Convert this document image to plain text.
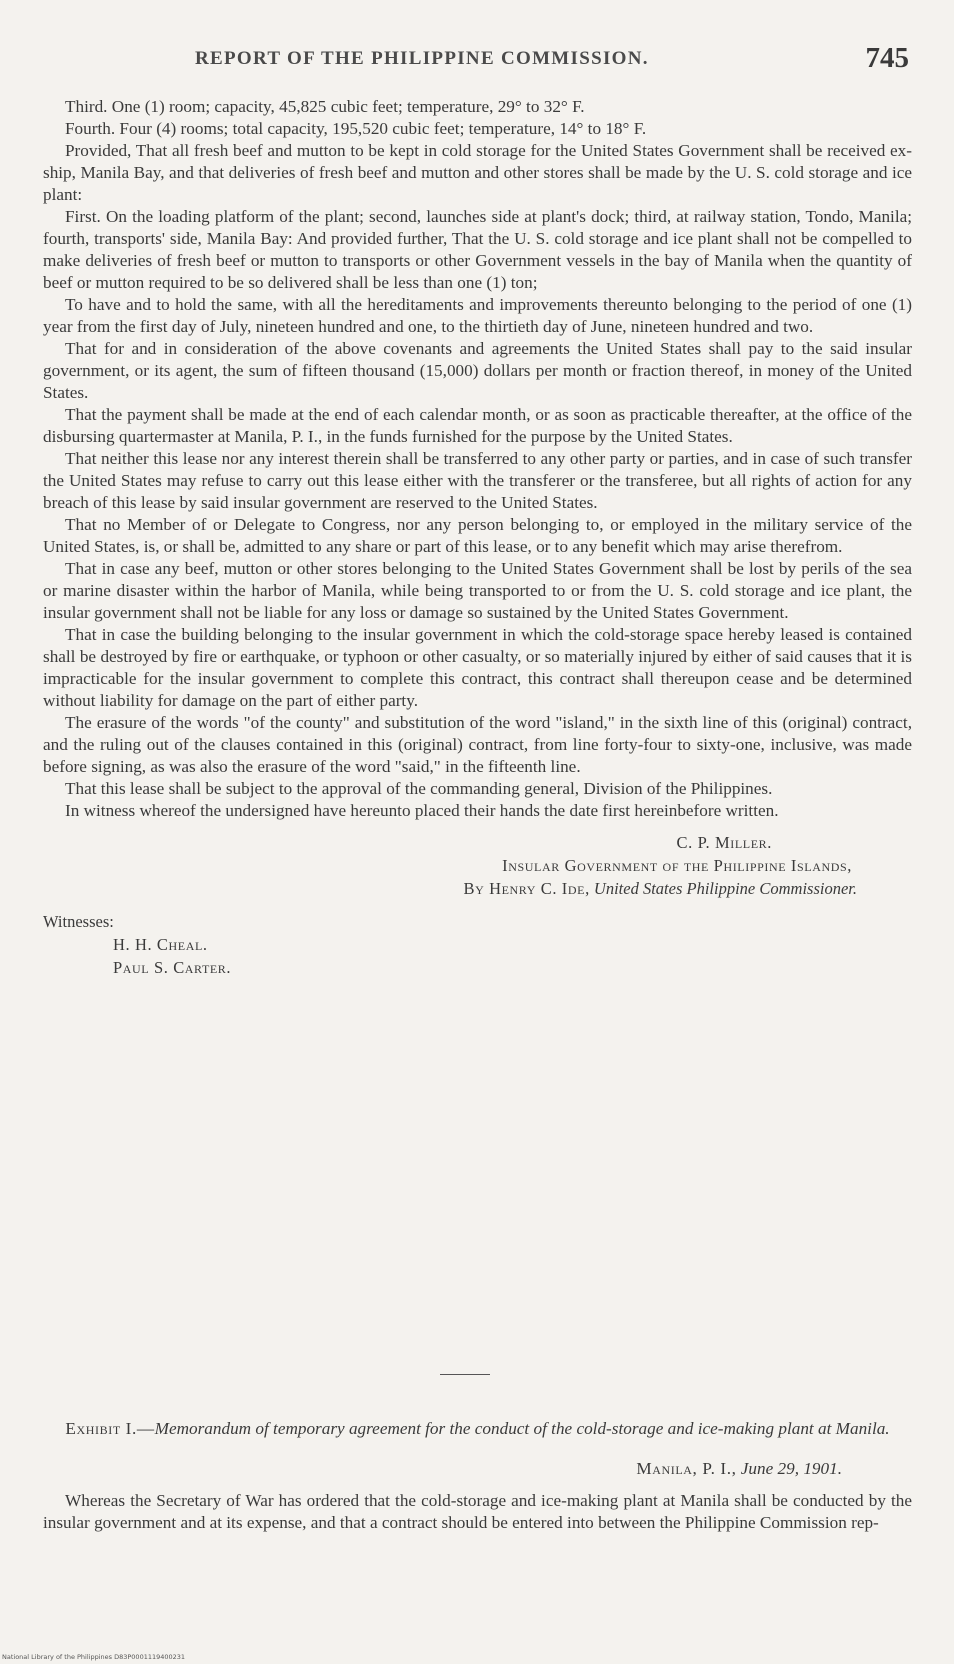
REPORT OF THE PHILIPPINE COMMISSION.	745

Third. One (1) room; capacity, 45,825 cubic feet; temperature, 29° to 32° F.

Fourth. Four (4) rooms; total capacity, 195,520 cubic feet; temperature, 14° to 18° F.

Provided, That all fresh beef and mutton to be kept in cold storage for the United States Government shall be received ex-ship, Manila Bay, and that deliveries of fresh beef and mutton and other stores shall be made by the U. S. cold storage and ice plant:

First. On the loading platform of the plant; second, launches side at plant's dock; third, at railway station, Tondo, Manila; fourth, transports' side, Manila Bay: And provided further, That the U. S. cold storage and ice plant shall not be compelled to make deliveries of fresh beef or mutton to transports or other Government vessels in the bay of Manila when the quantity of beef or mutton required to be so delivered shall be less than one (1) ton;

To have and to hold the same, with all the hereditaments and improvements thereunto belonging to the period of one (1) year from the first day of July, nineteen hundred and one, to the thirtieth day of June, nineteen hundred and two.

That for and in consideration of the above covenants and agreements the United States shall pay to the said insular government, or its agent, the sum of fifteen thousand (15,000) dollars per month or fraction thereof, in money of the United States.

That the payment shall be made at the end of each calendar month, or as soon as practicable thereafter, at the office of the disbursing quartermaster at Manila, P. I., in the funds furnished for the purpose by the United States.

That neither this lease nor any interest therein shall be transferred to any other party or parties, and in case of such transfer the United States may refuse to carry out this lease either with the transferer or the transferee, but all rights of action for any breach of this lease by said insular government are reserved to the United States.

That no Member of or Delegate to Congress, nor any person belonging to, or employed in the military service of the United States, is, or shall be, admitted to any share or part of this lease, or to any benefit which may arise therefrom.

That in case any beef, mutton or other stores belonging to the United States Government shall be lost by perils of the sea or marine disaster within the harbor of Manila, while being transported to or from the U. S. cold storage and ice plant, the insular government shall not be liable for any loss or damage so sustained by the United States Government.

That in case the building belonging to the insular government in which the cold-storage space hereby leased is contained shall be destroyed by fire or earthquake, or typhoon or other casualty, or so materially injured by either of said causes that it is impracticable for the insular government to complete this contract, this contract shall thereupon cease and be determined without liability for damage on the part of either party.

The erasure of the words "of the county" and substitution of the word "island," in the sixth line of this (original) contract, and the ruling out of the clauses contained in this (original) contract, from line forty-four to sixty-one, inclusive, was made before signing, as was also the erasure of the word "said," in the fifteenth line.

That this lease shall be subject to the approval of the commanding general, Division of the Philippines.

In witness whereof the undersigned have hereunto placed their hands the date first hereinbefore written.

C. P. Miller.
Insular Government of the Philippine Islands,
By Henry C. Ide, United States Philippine Commissioner.
Witnesses:
H. H. Cheal.
Paul S. Carter.

Exhibit I.—Memorandum of temporary agreement for the conduct of the cold-storage and ice-making plant at Manila.

Manila, P. I., June 29, 1901.

Whereas the Secretary of War has ordered that the cold-storage and ice-making plant at Manila shall be conducted by the insular government and at its expense, and that a contract should be entered into between the Philippine Commission rep-

National Library of the Philippines D83P0001119400231
